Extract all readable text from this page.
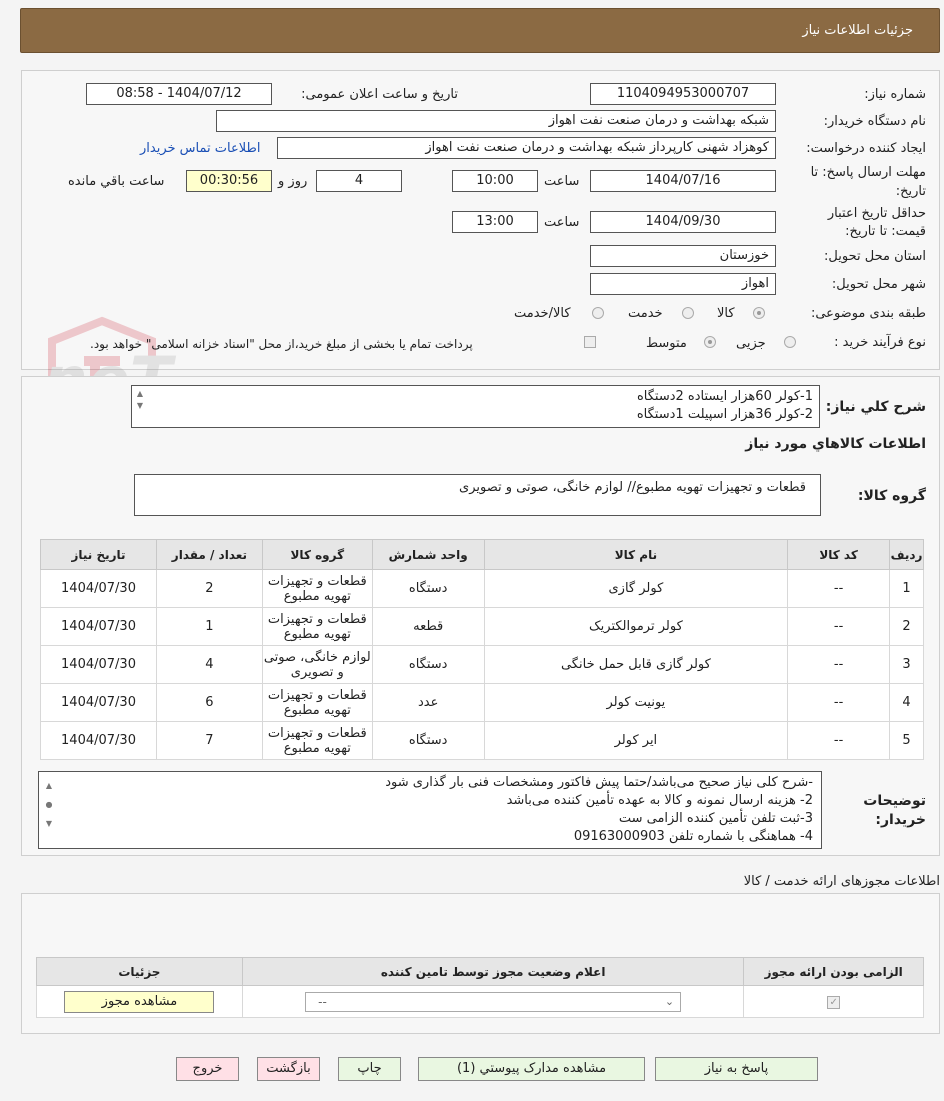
جزئیات اطلاعات نیاز
شماره نیاز:
1104094953000707
تاریخ و ساعت اعلان عمومی:
1404/07/12 - 08:58
نام دستگاه خریدار:
شبکه بهداشت و درمان صنعت نفت اهواز
ایجاد کننده درخواست:
کوهزاد شهنی کارپرداز شبکه بهداشت و درمان صنعت نفت اهواز
اطلاعات تماس خریدار
مهلت ارسال پاسخ: تا
تاریخ:
1404/07/16
ساعت
10:00
4
روز و
00:30:56
ساعت باقي مانده
حداقل تاريخ اعتبار
قيمت: تا تاريخ:
1404/09/30
ساعت
13:00
استان محل تحویل:
خوزستان
شهر محل تحویل:
اهواز
طبقه بندی موضوعی:
کالا
خدمت
کالا/خدمت
نوع فرآیند خرید :
جزیی
متوسط
پرداخت تمام یا بخشی از مبلغ خرید،از محل "اسناد خزانه اسلامی" خواهد بود.
شرح كلي نياز:
▲
▼
1-کولر 60هزار ایستاده 2دستگاه
2-کولر 36هزار اسپیلت 1دستگاه
اطلاعات كالاهاي مورد نياز
گروه کالا:
قطعات و تجهیزات تهویه مطبوع// لوازم خانگی، صوتی و تصویری
ردیف	کد کالا	نام کالا	واحد شمارش	گروه کالا	تعداد / مقدار	تاریخ نیاز
1	--	کولر گازی	دستگاه	قطعات و تجهیزات تهویه مطبوع	2	1404/07/30
2	--	کولر ترموالکتریک	قطعه	قطعات و تجهیزات تهویه مطبوع	1	1404/07/30
3	--	کولر گازی قابل حمل خانگی	دستگاه	لوازم خانگی، صوتی و تصویری	4	1404/07/30
4	--	یونیت کولر	عدد	قطعات و تجهیزات تهویه مطبوع	6	1404/07/30
5	--	ایر کولر	دستگاه	قطعات و تجهیزات تهویه مطبوع	7	1404/07/30
توضیحات
خریدار:
▲
●
▼
-شرح کلی نیاز صحیح می‌باشد/حتما پیش فاکتور ومشخصات فنی بار گذاری شود
2- هزینه ارسال نمونه و کالا به عهده تأمین کننده می‌باشد
3-ثبت تلفن تأمین کننده الزامی ست
4- هماهنگی با شماره تلفن 09163000903
اطلاعات مجوزهای ارائه خدمت / کالا
الزامی بودن ارائه مجوز	اعلام وضعیت مجوز توسط تامین کننده	جزئیات
✓	-- ⌄	مشاهده مجوز
پاسخ به نیاز
مشاهده مدارک پیوستي (1)
چاپ
بازگشت
خروج
